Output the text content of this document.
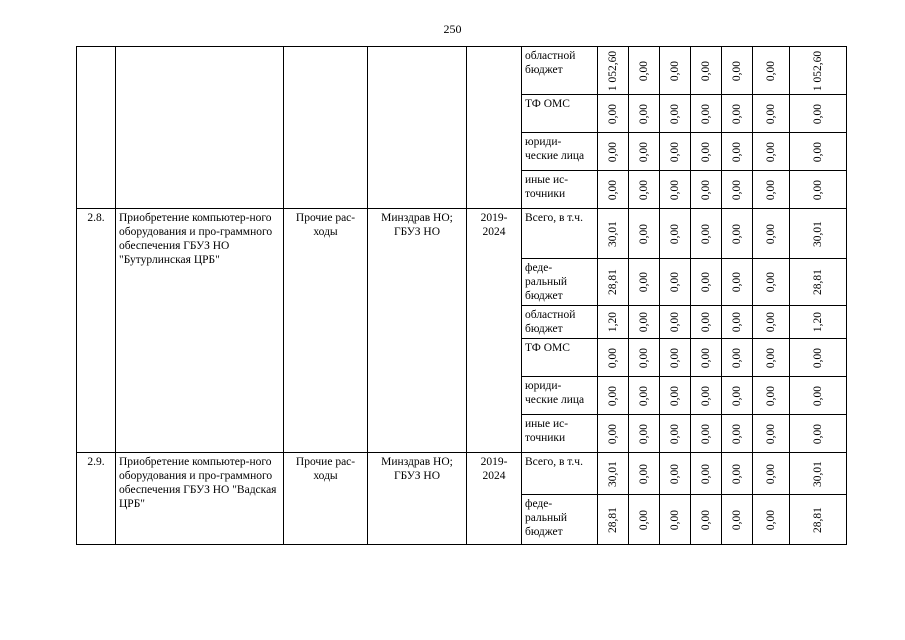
250
					областной бюджет	1 052,60	0,00	0,00	0,00	0,00	0,00	1 052,60

					ТФ ОМС	0,00	0,00	0,00	0,00	0,00	0,00	0,00

					юриди-ческие лица	0,00	0,00	0,00	0,00	0,00	0,00	0,00

					иные ис-точники	0,00	0,00	0,00	0,00	0,00	0,00	0,00

2.8.	Приобретение компьютер-ного оборудования и про-граммного обеспечения ГБУЗ НО "Бутурлинская ЦРБ"	Прочие рас-ходы	Минздрав НО; ГБУЗ НО	2019-2024	Всего, в т.ч.	30,01	0,00	0,00	0,00	0,00	0,00	30,01

					феде-ральный бюджет	28,81	0,00	0,00	0,00	0,00	0,00	28,81

					областной бюджет	1,20	0,00	0,00	0,00	0,00	0,00	1,20

					ТФ ОМС	0,00	0,00	0,00	0,00	0,00	0,00	0,00

					юриди-ческие лица	0,00	0,00	0,00	0,00	0,00	0,00	0,00

					иные ис-точники	0,00	0,00	0,00	0,00	0,00	0,00	0,00

2.9.	Приобретение компьютер-ного оборудования и про-граммного обеспечения ГБУЗ НО "Вадская ЦРБ"	Прочие рас-ходы	Минздрав НО; ГБУЗ НО	2019-2024	Всего, в т.ч.	30,01	0,00	0,00	0,00	0,00	0,00	30,01

					феде-ральный бюджет	28,81	0,00	0,00	0,00	0,00	0,00	28,81
